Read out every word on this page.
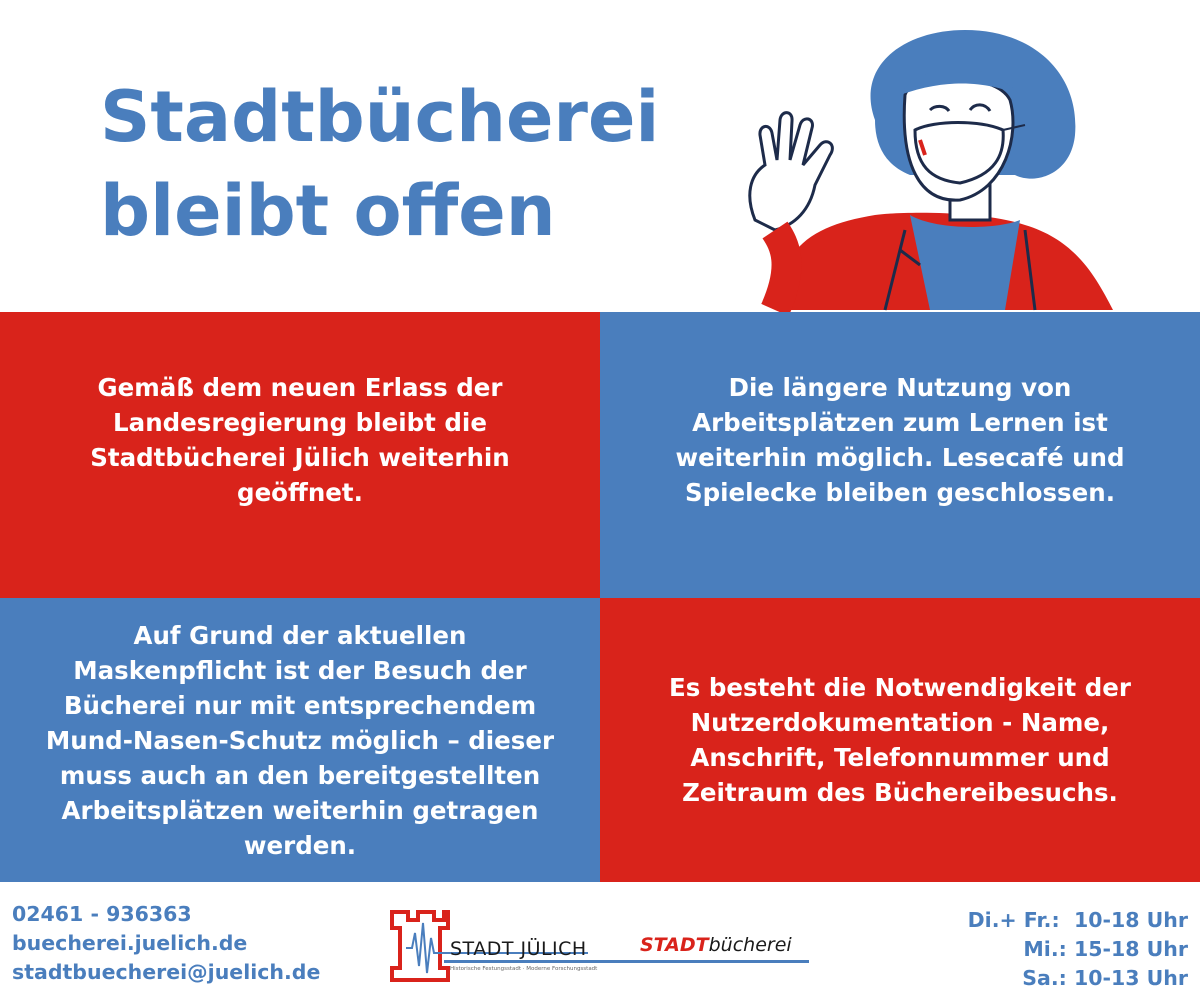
Stadtbücherei
bleibt offen

Gemäß dem neuen Erlass der
Landesregierung bleibt die
Stadtbücherei Jülich weiterhin
geöffnet.

Die längere Nutzung von
Arbeitsplätzen zum Lernen ist
weiterhin möglich. Lesecafé und
Spielecke bleiben geschlossen.

Auf Grund der aktuellen
Maskenpflicht ist der Besuch der
Bücherei nur mit entsprechendem
Mund-Nasen-Schutz möglich – dieser
muss auch an den bereitgestellten
Arbeitsplätzen weiterhin getragen
werden.

Es besteht die Notwendigkeit der
Nutzerdokumentation - Name,
Anschrift, Telefonnummer und
Zeitraum des Büchereibesuchs.

02461 - 936363
buecherei.juelich.de
stadtbuecherei@juelich.de
STADT JÜLICH
Historische Festungsstadt · Moderne Forschungsstadt
STADTbücherei
Di.+ Fr.:  10-18 Uhr
Mi.: 15-18 Uhr
Sa.: 10-13 Uhr
